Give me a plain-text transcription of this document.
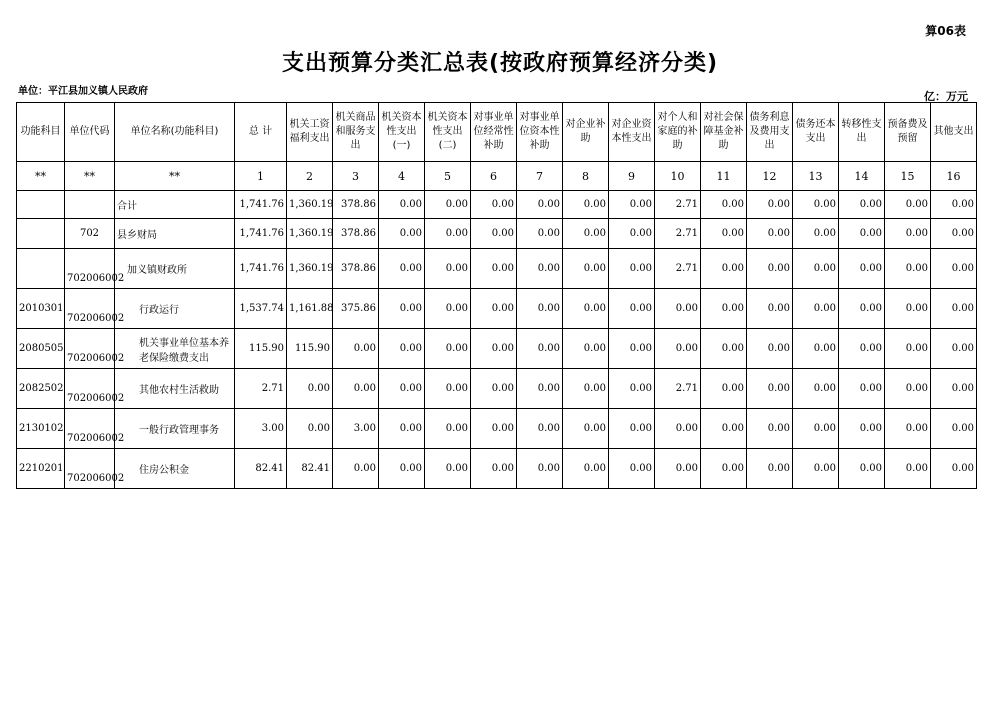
算06表
支出预算分类汇总表(按政府预算经济分类)
单位：平江县加义镇人民政府	亿：万元
功能科目	单位代码	单位名称(功能科目)	总 计	机关工资福利支出	机关商品和服务支出	机关资本性支出(一)	机关资本性支出(二)	对事业单位经常性补助	对事业单位资本性补助	对企业补助	对企业资本性支出	对个人和家庭的补助	对社会保障基金补助	债务利息及费用支出	债务还本支出	转移性支出	预备费及预留	其他支出
**	**	**	1	2	3	4	5	6	7	8	9	10	11	12	13	14	15	16
		合计	1,741.76	1,360.19	378.86	0.00	0.00	0.00	0.00	0.00	0.00	2.71	0.00	0.00	0.00	0.00	0.00	0.00
	702	县乡财局	1,741.76	1,360.19	378.86	0.00	0.00	0.00	0.00	0.00	0.00	2.71	0.00	0.00	0.00	0.00	0.00	0.00
	702006002	加义镇财政所	1,741.76	1,360.19	378.86	0.00	0.00	0.00	0.00	0.00	0.00	2.71	0.00	0.00	0.00	0.00	0.00	0.00
2010301	702006002	行政运行	1,537.74	1,161.88	375.86	0.00	0.00	0.00	0.00	0.00	0.00	0.00	0.00	0.00	0.00	0.00	0.00	0.00
2080505	702006002	机关事业单位基本养老保险缴费支出	115.90	115.90	0.00	0.00	0.00	0.00	0.00	0.00	0.00	0.00	0.00	0.00	0.00	0.00	0.00	0.00
2082502	702006002	其他农村生活救助	2.71	0.00	0.00	0.00	0.00	0.00	0.00	0.00	0.00	2.71	0.00	0.00	0.00	0.00	0.00	0.00
2130102	702006002	一般行政管理事务	3.00	0.00	3.00	0.00	0.00	0.00	0.00	0.00	0.00	0.00	0.00	0.00	0.00	0.00	0.00	0.00
2210201	702006002	住房公积金	82.41	82.41	0.00	0.00	0.00	0.00	0.00	0.00	0.00	0.00	0.00	0.00	0.00	0.00	0.00	0.00
